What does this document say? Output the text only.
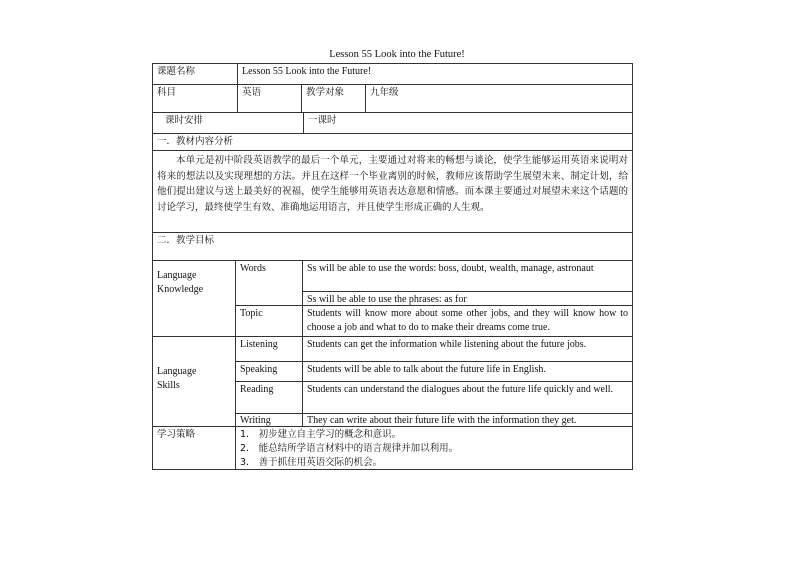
Lesson 55 Look into the Future!
课题名称	Lesson 55 Look into the Future!
科目	英语	教学对象	九年级
课时安排	一课时
一．教材内容分析
本单元是初中阶段英语教学的最后一个单元，主要通过对将来的畅想与谈论，使学生能够运用英语来说明对将来的想法以及实现理想的方法。并且在这样一个毕业离别的时候，教师应该帮助学生展望未来、制定计划，给他们提出建议与送上最美好的祝福，使学生能够用英语表达意愿和情感。而本课主要通过对展望未来这个话题的讨论学习，最终使学生有效、准确地运用语言，并且使学生形成正确的人生观。
二．教学目标
Language
Knowledge
Words	Ss will be able to use the words: boss, doubt, wealth, manage, astronaut
Ss will be able to use the phrases: as for
Topic	Students will know more about some other jobs, and they will know how to choose a job and what to do to make their dreams come true.
Language
Skills
Listening	Students can get the information while listening about the future jobs.
Speaking	Students will be able to talk about the future life in English.
Reading	Students can understand the dialogues about the future life quickly and well.
Writing	They can write about their future life with the information they get.
学习策略	1.　初步建立自主学习的概念和意识。
2.　能总结所学语言材料中的语言规律并加以利用。
3.　善于抓住用英语交际的机会。
